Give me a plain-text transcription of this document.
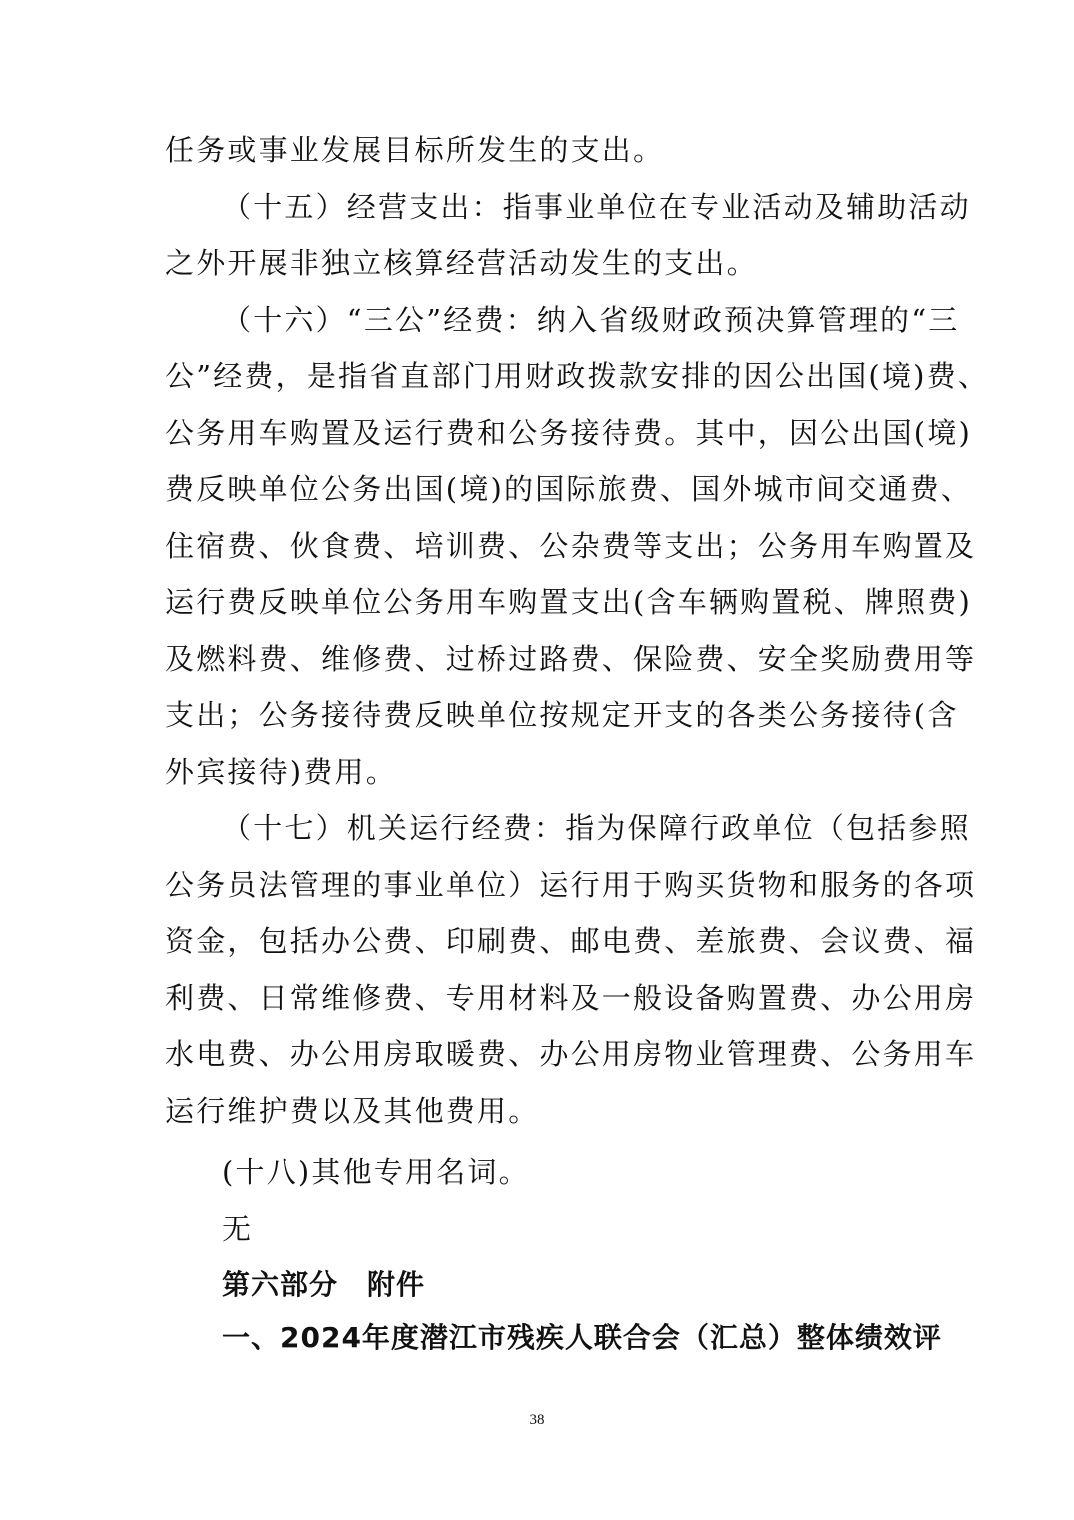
任务或事业发展目标所发生的支出。
（十五）经营支出：指事业单位在专业活动及辅助活动
之外开展非独立核算经营活动发生的支出。
（十六）“三公”经费：纳入省级财政预决算管理的“三
公”经费，是指省直部门用财政拨款安排的因公出国(境)费、
公务用车购置及运行费和公务接待费。其中，因公出国(境)
费反映单位公务出国(境)的国际旅费、国外城市间交通费、
住宿费、伙食费、培训费、公杂费等支出；公务用车购置及
运行费反映单位公务用车购置支出(含车辆购置税、牌照费)
及燃料费、维修费、过桥过路费、保险费、安全奖励费用等
支出；公务接待费反映单位按规定开支的各类公务接待(含
外宾接待)费用。
（十七）机关运行经费：指为保障行政单位（包括参照
公务员法管理的事业单位）运行用于购买货物和服务的各项
资金，包括办公费、印刷费、邮电费、差旅费、会议费、福
利费、日常维修费、专用材料及一般设备购置费、办公用房
水电费、办公用房取暖费、办公用房物业管理费、公务用车
运行维护费以及其他费用。
(十八)其他专用名词。
无
第六部分　附件
一、2024年度潜江市残疾人联合会（汇总）整体绩效评
38
